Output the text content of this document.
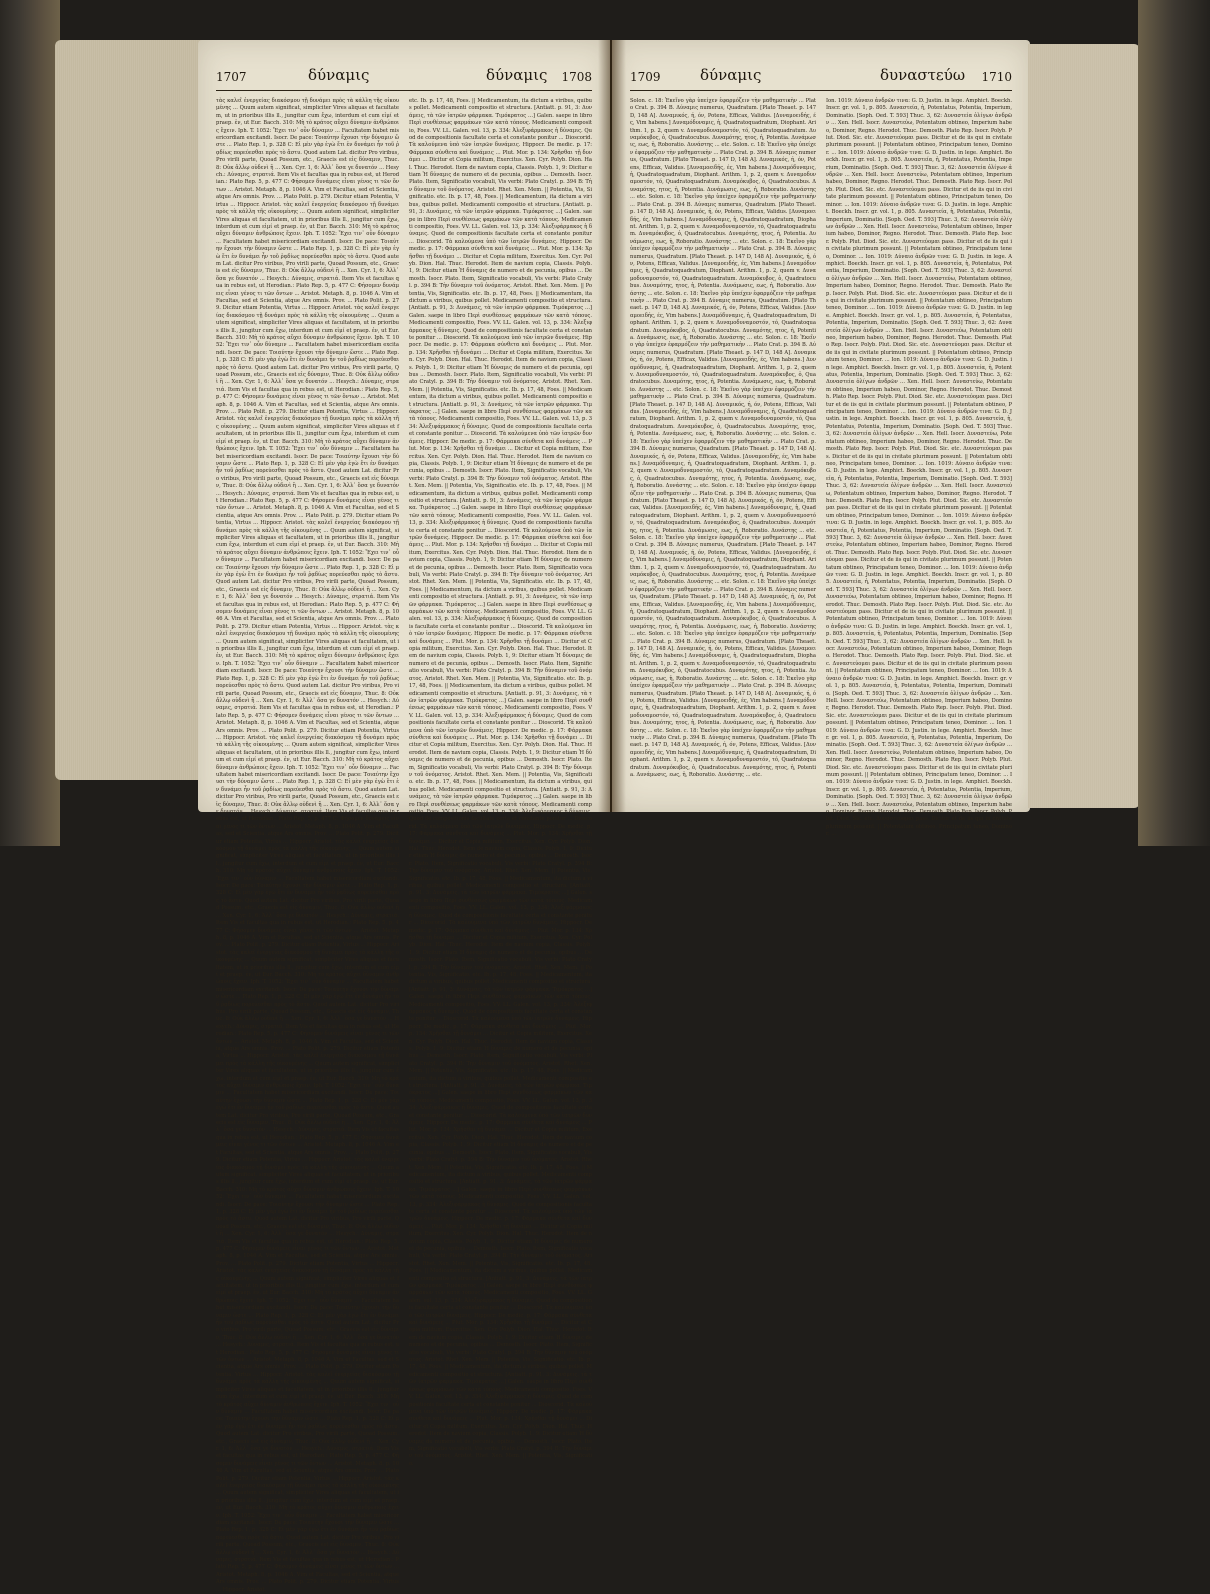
1707	δύναμις	δύναμις 1708
τὰς καλεῖ ἐνεργείας διακόσμου τῇ δυνάμει πρὸς τὰ κάλλη τῆς οἰκουμένης ... Quum autem significat, simpliciter Vires aliquas et facultatem, ut in prioribus illis ll., jungitur cum ἔχω, interdum et cum εἰμί et praep. ἐν, ut Eur. Bacch. 310: Μὴ τὸ κράτος αὔχει δύναμιν ἀνθρώποις ἔχειν. Iph. T. 1052: Ἔχει τιν᾽ οὖν δύναμιν ... Facultatem habet misericordiam excitandi. Isocr. De pace: Τοιαύτην ἔχουσι τὴν δύναμιν ὥστε ... Plato Rep. 1, p. 328 C: Εἰ μὲν γὰρ ἐγὼ ἔτι ἐν δυνάμει ἦν τοῦ ῥᾳδίως πορεύεσθαι πρὸς τὸ ἄστυ. Quod autem Lat. dicitur Pro viribus, Pro virili parte, Quoad Possum, etc., Graecis est εἰς δύναμιν, Thuc. 8: Οὐκ ἄλλῳ οὐδενὶ ἢ ... Xen. Cyr. 1, 6: Ἀλλ᾽ ὅσα γε δυνατόν ... Hesych.: Δύναμις, στρατιά. Item Vis et facultas qua in rebus est, ut Herodian.: Plato Rep. 5, p. 477 C: Φήσομεν δυνάμεις εἶναι γένος τι τῶν ὄντων ... Aristot. Metaph. 8, p. 1046 A. Vim et Facultas, sed et Scientia, atque Ars omnis. Prov. ... Plato Polit. p. 279. Dicitur etiam Potentia, Virtus ... Hippocr. Aristot. τὰς καλεῖ ἐνεργείας διακόσμου τῇ δυνάμει πρὸς τὰ κάλλη τῆς οἰκουμένης ... Quum autem significat, simpliciter Vires aliquas et facultatem, ut in prioribus illis ll., jungitur cum ἔχω, interdum et cum εἰμί et praep. ἐν, ut Eur. Bacch. 310: Μὴ τὸ κράτος αὔχει δύναμιν ἀνθρώποις ἔχειν. Iph. T. 1052: Ἔχει τιν᾽ οὖν δύναμιν ... Facultatem habet misericordiam excitandi. Isocr. De pace: Τοιαύτην ἔχουσι τὴν δύναμιν ὥστε ... Plato Rep. 1, p. 328 C: Εἰ μὲν γὰρ ἐγὼ ἔτι ἐν δυνάμει ἦν τοῦ ῥᾳδίως πορεύεσθαι πρὸς τὸ ἄστυ. Quod autem Lat. dicitur Pro viribus, Pro virili parte, Quoad Possum, etc., Graecis est εἰς δύναμιν, Thuc. 8: Οὐκ ἄλλῳ οὐδενὶ ἢ ... Xen. Cyr. 1, 6: Ἀλλ᾽ ὅσα γε δυνατόν ... Hesych.: Δύναμις, στρατιά. Item Vis et facultas qua in rebus est, ut Herodian.: Plato Rep. 5, p. 477 C: Φήσομεν δυνάμεις εἶναι γένος τι τῶν ὄντων ... Aristot. Metaph. 8, p. 1046 A. Vim et Facultas, sed et Scientia, atque Ars omnis. Prov. ... Plato Polit. p. 279. Dicitur etiam Potentia, Virtus ... Hippocr. Aristot. τὰς καλεῖ ἐνεργείας διακόσμου τῇ δυνάμει πρὸς τὰ κάλλη τῆς οἰκουμένης ... Quum autem significat, simpliciter Vires aliquas et facultatem, ut in prioribus illis ll., jungitur cum ἔχω, interdum et cum εἰμί et praep. ἐν, ut Eur. Bacch. 310: Μὴ τὸ κράτος αὔχει δύναμιν ἀνθρώποις ἔχειν. Iph. T. 1052: Ἔχει τιν᾽ οὖν δύναμιν ... Facultatem habet misericordiam excitandi. Isocr. De pace: Τοιαύτην ἔχουσι τὴν δύναμιν ὥστε ... Plato Rep. 1, p. 328 C: Εἰ μὲν γὰρ ἐγὼ ἔτι ἐν δυνάμει ἦν τοῦ ῥᾳδίως πορεύεσθαι πρὸς τὸ ἄστυ. Quod autem Lat. dicitur Pro viribus, Pro virili parte, Quoad Possum, etc., Graecis est εἰς δύναμιν, Thuc. 8: Οὐκ ἄλλῳ οὐδενὶ ἢ ... Xen. Cyr. 1, 6: Ἀλλ᾽ ὅσα γε δυνατόν ... Hesych.: Δύναμις, στρατιά. Item Vis et facultas qua in rebus est, ut Herodian.: Plato Rep. 5, p. 477 C: Φήσομεν δυνάμεις εἶναι γένος τι τῶν ὄντων ... Aristot. Metaph. 8, p. 1046 A. Vim et Facultas, sed et Scientia, atque Ars omnis. Prov. ... Plato Polit. p. 279. Dicitur etiam Potentia, Virtus ... Hippocr. Aristot. τὰς καλεῖ ἐνεργείας διακόσμου τῇ δυνάμει πρὸς τὰ κάλλη τῆς οἰκουμένης ... Quum autem significat, simpliciter Vires aliquas et facultatem, ut in prioribus illis ll., jungitur cum ἔχω, interdum et cum εἰμί et praep. ἐν, ut Eur. Bacch. 310: Μὴ τὸ κράτος αὔχει δύναμιν ἀνθρώποις ἔχειν. Iph. T. 1052: Ἔχει τιν᾽ οὖν δύναμιν ... Facultatem habet misericordiam excitandi. Isocr. De pace: Τοιαύτην ἔχουσι τὴν δύναμιν ὥστε ... Plato Rep. 1, p. 328 C: Εἰ μὲν γὰρ ἐγὼ ἔτι ἐν δυνάμει ἦν τοῦ ῥᾳδίως πορεύεσθαι πρὸς τὸ ἄστυ. Quod autem Lat. dicitur Pro viribus, Pro virili parte, Quoad Possum, etc., Graecis est εἰς δύναμιν, Thuc. 8: Οὐκ ἄλλῳ οὐδενὶ ἢ ... Xen. Cyr. 1, 6: Ἀλλ᾽ ὅσα γε δυνατόν ... Hesych.: Δύναμις, στρατιά. Item Vis et facultas qua in rebus est, ut Herodian.: Plato Rep. 5, p. 477 C: Φήσομεν δυνάμεις εἶναι γένος τι τῶν ὄντων ... Aristot. Metaph. 8, p. 1046 A. Vim et Facultas, sed et Scientia, atque Ars omnis. Prov. ... Plato Polit. p. 279. Dicitur etiam Potentia, Virtus ... Hippocr. Aristot. τὰς καλεῖ ἐνεργείας διακόσμου τῇ δυνάμει πρὸς τὰ κάλλη τῆς οἰκουμένης ... Quum autem significat, simpliciter Vires aliquas et facultatem, ut in prioribus illis ll., jungitur cum ἔχω, interdum et cum εἰμί et praep. ἐν, ut Eur. Bacch. 310: Μὴ τὸ κράτος αὔχει δύναμιν ἀνθρώποις ἔχειν. Iph. T. 1052: Ἔχει τιν᾽ οὖν δύναμιν ... Facultatem habet misericordiam excitandi. Isocr. De pace: Τοιαύτην ἔχουσι τὴν δύναμιν ὥστε ... Plato Rep. 1, p. 328 C: Εἰ μὲν γὰρ ἐγὼ ἔτι ἐν δυνάμει ἦν τοῦ ῥᾳδίως πορεύεσθαι πρὸς τὸ ἄστυ. Quod autem Lat. dicitur Pro viribus, Pro virili parte, Quoad Possum, etc., Graecis est εἰς δύναμιν, Thuc. 8: Οὐκ ἄλλῳ οὐδενὶ ἢ ... Xen. Cyr. 1, 6: Ἀλλ᾽ ὅσα γε δυνατόν ... Hesych.: Δύναμις, στρατιά. Item Vis et facultas qua in rebus est, ut Herodian.: Plato Rep. 5, p. 477 C: Φήσομεν δυνάμεις εἶναι γένος τι τῶν ὄντων ... Aristot. Metaph. 8, p. 1046 A. Vim et Facultas, sed et Scientia, atque Ars omnis. Prov. ... Plato Polit. p. 279. Dicitur etiam Potentia, Virtus ... Hippocr. Aristot. τὰς καλεῖ ἐνεργείας διακόσμου τῇ δυνάμει πρὸς τὰ κάλλη τῆς οἰκουμένης ... Quum autem significat, simpliciter Vires aliquas et facultatem, ut in prioribus illis ll., jungitur cum ἔχω, interdum et cum εἰμί et praep. ἐν, ut Eur. Bacch. 310: Μὴ τὸ κράτος αὔχει δύναμιν ἀνθρώποις ἔχειν. Iph. T. 1052: Ἔχει τιν᾽ οὖν δύναμιν ... Facultatem habet misericordiam excitandi. Isocr. De pace: Τοιαύτην ἔχουσι τὴν δύναμιν ὥστε ... Plato Rep. 1, p. 328 C: Εἰ μὲν γὰρ ἐγὼ ἔτι ἐν δυνάμει ἦν τοῦ ῥᾳδίως πορεύεσθαι πρὸς τὸ ἄστυ. Quod autem Lat. dicitur Pro viribus, Pro virili parte, Quoad Possum, etc., Graecis est εἰς δύναμιν, Thuc. 8: Οὐκ ἄλλῳ οὐδενὶ ἢ ... Xen. Cyr. 1, 6: Ἀλλ᾽ ὅσα γε δυνατόν ... Hesych.: Δύναμις, στρατιά. Item Vis et facultas qua in rebus est, ut Herodian.: Plato Rep. 5, p. 477 C: Φήσομεν δυνάμεις εἶναι γένος τι τῶν ὄντων ... Aristot. Metaph. 8, p. 1046 A. Vim et Facultas, sed et Scientia, atque Ars omnis. Prov. ... Plato Polit. p. 279. Dicitur etiam Potentia, Virtus ... Hippocr. Aristot. τὰς καλεῖ ἐνεργείας διακόσμου τῇ δυνάμει πρὸς τὰ κάλλη τῆς οἰκουμένης ... Quum autem significat, simpliciter Vires aliquas et facultatem, ut in prioribus illis ll., jungitur cum ἔχω, interdum et cum εἰμί et praep. ἐν, ut Eur. Bacch. 310: Μὴ τὸ κράτος αὔχει δύναμιν ἀνθρώποις ἔχειν. Iph. T. 1052: Ἔχει τιν᾽ οὖν δύναμιν ... Facultatem habet misericordiam excitandi. Isocr. De pace: Τοιαύτην ἔχουσι τὴν δύναμιν ὥστε ... Plato Rep. 1, p. 328 C: Εἰ μὲν γὰρ ἐγὼ ἔτι ἐν δυνάμει ἦν τοῦ ῥᾳδίως πορεύεσθαι πρὸς τὸ ἄστυ. Quod autem Lat. dicitur Pro viribus, Pro virili parte, Quoad Possum, etc., Graecis est εἰς δύναμιν, Thuc. 8: Οὐκ ἄλλῳ οὐδενὶ ἢ ... Xen. Cyr. 1, 6: Ἀλλ᾽ ὅσα γε δυνατόν ... Hesych.: Δύναμις, στρατιά. Item Vis et facultas qua in rebus est, ut Herodian.: Plato Rep. 5, p. 477 C: Φήσομεν δυνάμεις εἶναι γένος τι τῶν ὄντων ... Aristot. Metaph. 8, p. 1046 A. Vim et Facultas, sed et Scientia, atque Ars omnis. Prov. ... Plato Polit. p. 279. Dicitur etiam Potentia, Virtus ... Hippocr. Aristot. τὰς καλεῖ ἐνεργείας διακόσμου τῇ δυνάμει πρὸς τὰ κάλλη τῆς οἰκουμένης ... Quum autem significat, simpliciter Vires aliquas et facultatem, ut in prioribus illis ll., jungitur cum ἔχω, interdum et cum εἰμί et praep. ἐν, ut Eur. Bacch. 310: Μὴ τὸ κράτος αὔχει δύναμιν ἀνθρώποις ἔχειν. Iph. T. 1052: Ἔχει τιν᾽ οὖν δύναμιν ... Facultatem habet misericordiam excitandi. Isocr. De pace: Τοιαύτην ἔχουσι τὴν δύναμιν ὥστε ... Plato Rep. 1, p. 328 C: Εἰ μὲν γὰρ ἐγὼ ἔτι ἐν δυνάμει ἦν τοῦ ῥᾳδίως πορεύεσθαι πρὸς τὸ ἄστυ. Quod autem Lat. dicitur Pro viribus, Pro virili parte, Quoad Possum, etc., Graecis est εἰς δύναμιν, Thuc. 8: Οὐκ ἄλλῳ οὐδενὶ ἢ ... Xen. Cyr. 1, 6: Ἀλλ᾽ ὅσα γε δυνατόν ... Hesych.: Δύναμις, στρατιά. Item Vis et facultas qua in rebus est, ut Herodian.: Plato Rep. 5, p. 477 C: Φήσομεν δυνάμεις εἶναι γένος τι τῶν ὄντων ... Aristot. Metaph. 8, p. 1046 A. Vim et Facultas, sed et Scientia, atque Ars omnis. Prov. ... Plato Polit. p. 279. Dicitur etiam Potentia, Virtus ... Hippocr. Aristot. τὰς καλεῖ ἐνεργείας διακόσμου τῇ δυνάμει πρὸς τὰ κάλλη τῆς οἰκουμένης ... Quum autem significat, simpliciter Vires aliquas et facultatem, ut in prioribus illis ll., jungitur cum ἔχω, interdum et cum εἰμί et praep. ἐν, ut Eur. Bacch. 310: Μὴ τὸ κράτος αὔχει δύναμιν ἀνθρώποις ἔχειν. Iph. T. 1052: Ἔχει τιν᾽ οὖν δύναμιν ... Facultatem habet misericordiam excitandi. Isocr. De pace: Τοιαύτην ἔχουσι τὴν δύναμιν ὥστε ... Plato Rep. 1, p. 328 C: Εἰ μὲν γὰρ ἐγὼ ἔτι ἐν δυνάμει ἦν τοῦ ῥᾳδίως πορεύεσθαι πρὸς τὸ ἄστυ. Quod autem Lat. dicitur Pro viribus, Pro virili parte, Quoad Possum, etc., Graecis est εἰς δύναμιν, Thuc. 8: Οὐκ ἄλλῳ οὐδενὶ ἢ ... Xen. Cyr. 1, 6: Ἀλλ᾽ ὅσα γε δυνατόν ... Hesych.: Δύναμις, στρατιά. Item Vis et facultas qua in rebus est, ut Herodian.: Plato Rep. 5, p. 477 C: Φήσομεν δυνάμεις εἶναι γένος τι τῶν ὄντων ... Aristot. Metaph. 8, p. 1046 A. Vim et Facultas, sed et Scientia, atque Ars omnis. Prov. ... Plato Polit. p. 279. Dicitur etiam Potentia, Virtus ... Hippocr. Aristot. τὰς καλεῖ ἐνεργείας διακόσμου τῇ δυνάμει πρὸς τὰ κάλλη τῆς οἰκουμένης ... Quum autem significat, simpliciter Vires aliquas et facultatem, ut in prioribus illis ll., jungitur cum ἔχω, interdum et cum εἰμί et praep. ἐν, ut Eur. Bacch. 310: Μὴ τὸ κράτος αὔχει δύναμιν ἀνθρώποις ἔχειν. Iph. T. 1052: Ἔχει τιν᾽ οὖν δύναμιν ... Facultatem habet misericordiam excitandi. Isocr. De pace: Τοιαύτην ἔχουσι τὴν δύναμιν ὥστε ... Plato Rep. 1, p. 328 C: Εἰ μὲν γὰρ ἐγὼ ἔτι ἐν δυνάμει ἦν τοῦ ῥᾳδίως πορεύεσθαι πρὸς τὸ ἄστυ. Quod autem Lat. dicitur Pro viribus, Pro virili parte, Quoad Possum, etc., Graecis est εἰς δύναμιν, Thuc. 8: Οὐκ ἄλλῳ οὐδενὶ ἢ ... Xen. Cyr. 1, 6: Ἀλλ᾽ ὅσα γε δυνατόν ... Hesych.: Δύναμις, στρατιά. Item Vis et facultas qua in rebus est, ut Herodian.: Plato Rep. 5, p. 477 C: Φήσομεν δυνάμεις εἶναι γένος τι τῶν ὄντων ... Aristot. Metaph. 8, p. 1046 A. Vim et Facultas, sed et Scientia, atque Ars omnis. Prov. ... Plato Polit. p. 279. Dicitur etiam Potentia, Virtus ... Hippocr. Aristot. τὰς καλεῖ ἐνεργείας διακόσμου τῇ δυνάμει πρὸς τὰ κάλλη τῆς οἰκουμένης ... Quum autem significat, simpliciter Vires aliquas et facultatem, ut in prioribus illis ll., jungitur cum ἔχω, interdum et cum εἰμί et praep. ἐν, ut Eur. Bacch. 310: Μὴ τὸ κράτος αὔχει δύναμιν ἀνθρώποις ἔχειν. Iph. T. 1052: Ἔχει τιν᾽ οὖν δύναμιν ... Facultatem habet misericordiam excitandi. Isocr. De pace: Τοιαύτην ἔχουσι τὴν δύναμιν ὥστε ... Plato Rep. 1, p. 328 C: Εἰ μὲν γὰρ ἐγὼ ἔτι ἐν δυνάμει ἦν τοῦ ῥᾳδίως πορεύεσθαι πρὸς τὸ ἄστυ. Quod autem Lat. dicitur Pro viribus, Pro virili parte, Quoad Possum, etc., Graecis est εἰς δύναμιν, Thuc. 8: Οὐκ ἄλλῳ οὐδενὶ ἢ ... Xen. Cyr. 1, 6: Ἀλλ᾽ ὅσα γε δυνατόν ... Hesych.: Δύναμις, στρατιά. Item Vis et facultas qua in rebus est, ut Herodian.: Plato Rep. 5, p. 477 C: Φήσομεν δυνάμεις εἶναι γένος τι τῶν ὄντων ... Aristot. Metaph. 8, p. 1046 A. Vim et Facultas, sed et Scientia, atque Ars omnis. Prov. ... Plato Polit. p. 279. Dicitur etiam Potentia, Virtus ... Hippocr. Aristot. τὰς καλεῖ ἐνεργείας διακόσμου τῇ δυνάμει πρὸς τὰ κάλλη τῆς οἰκουμένης ... Quum autem significat, simpliciter Vires aliquas et facultatem, ut in prioribus illis ll., jungitur cum ἔχω, interdum et cum εἰμί et praep. ἐν, ut Eur. Bacch. 310: Μὴ τὸ κράτος αὔχει δύναμιν ἀνθρώποις ἔχειν. Iph. T. 1052: Ἔχει τιν᾽ οὖν δύναμιν ... Facultatem habet misericordiam excitandi. Isocr. De pace: Τοιαύτην ἔχουσι τὴν δύναμιν ὥστε ... Plato Rep. 1, p. 328 C: Εἰ μὲν γὰρ ἐγὼ ἔτι ἐν δυνάμει ἦν τοῦ ῥᾳδίως πορεύεσθαι πρὸς τὸ ἄστυ. Quod autem Lat. dicitur Pro viribus, Pro virili parte, Quoad Possum, etc., Graecis est εἰς δύναμιν, Thuc. 8: Οὐκ ἄλλῳ οὐδενὶ ἢ ... Xen. Cyr. 1, 6: Ἀλλ᾽ ὅσα γε δυνατόν ... Hesych.: Δύναμις, στρατιά. Item Vis et facultas qua in rebus est, ut Herodian.: Plato Rep. 5, p. 477 C: Φήσομεν δυνάμεις εἶναι γένος τι τῶν ὄντων ... Aristot. Metaph. 8, p. 1046 A. Vim et Facultas, sed et Scientia, atque Ars omnis. Prov. ... Plato Polit. p. 279. Dicitur etiam Potentia, Virtus ... Hippocr. Aristot. τὰς καλεῖ ἐνεργείας διακόσμου τῇ δυνάμει πρὸς τὰ κάλλη τῆς οἰκουμένης ... Quum autem significat, simpliciter Vires aliquas et facultatem, ut in prioribus illis ll., jungitur cum ἔχω, interdum et cum εἰμί et praep. ἐν, ut Eur. Bacch. 310: Μὴ τὸ κράτος αὔχει δύναμιν ἀνθρώποις ἔχειν. Iph. T. 1052: Ἔχει τιν᾽ οὖν δύναμιν ... Facultatem habet misericordiam excitandi. Isocr. De pace: Τοιαύτην ἔχουσι τὴν δύναμιν ὥστε ... Plato Rep. 1, p. 328 C: Εἰ μὲν γὰρ ἐγὼ ἔτι ἐν δυνάμει ἦν τοῦ ῥᾳδίως πορεύεσθαι πρὸς τὸ ἄστυ. Quod autem Lat. dicitur Pro viribus, Pro virili parte, Quoad Possum, etc., Graecis est εἰς δύναμιν, Thuc. 8: Οὐκ ἄλλῳ οὐδενὶ ἢ ... Xen. Cyr. 1, 6: Ἀλλ᾽ ὅσα γε δυνατόν ... Hesych.: Δύναμις, στρατιά. Item Vis et facultas qua in rebus est, ut Herodian.: Plato Rep. 5, p. 477 C: Φήσομεν δυνάμεις εἶναι γένος τι τῶν ὄντων ... Aristot. Metaph. 8, p. 1046 A. Vim et Facultas, sed et Scientia, atque Ars omnis. Prov. ... Plato Polit. p. 279. Dicitur etiam Potentia, Virtus ... Hippocr. Aristot. τὰς καλεῖ ἐνεργείας διακόσμου τῇ δυνάμει πρὸς τὰ κάλλη τῆς οἰκουμένης ... Quum autem significat, simpliciter Vires aliquas et facultatem, ut in prioribus illis ll., jungitur cum ἔχω, interdum et cum εἰμί et praep. ἐν, ut Eur. Bacch. 310: Μὴ τὸ κράτος αὔχει δύναμιν ἀνθρώποις ἔχειν. Iph. T. 1052: Ἔχει τιν᾽ οὖν δύναμιν ... Facultatem habet misericordiam excitandi. Isocr. De pace: Τοιαύτην ἔχουσι τὴν δύναμιν ὥστε ... Plato Rep. 1, p. 328 C: Εἰ μὲν γὰρ ἐγὼ ἔτι ἐν δυνάμει ἦν τοῦ ῥᾳδίως πορεύεσθαι πρὸς τὸ ἄστυ. Quod autem Lat. dicitur Pro viribus, Pro virili parte, Quoad Possum, etc., Graecis est εἰς δύναμιν, Thuc. 8: Οὐκ ἄλλῳ οὐδενὶ ἢ ... Xen. Cyr. 1, 6: Ἀλλ᾽ ὅσα γε δυνατόν ... Hesych.: Δύναμις, στρατιά. Item Vis et facultas qua in rebus est, ut Herodian.: Plato Rep. 5, p. 477 C: Φήσομεν δυνάμεις εἶναι γένος τι τῶν ὄντων ... Aristot. Metaph. 8, p. 1046 A. Vim et Facultas, sed et Scientia, atque Ars omnis. Prov. ... Plato Polit. p. 279. Dicitur etiam Potentia, Virtus ... Hippocr. Aristot.
etc. Ib. p. 17, 48, Foes. || Medicamentum, ita dictum a viribus, quibus pollet. Medicamenti compositio et structura. [Antiatt. p. 91, 3: Δυνάμεις, τὰ τῶν ἰατρῶν φάρμακα. Τιμόκρατος ...] Galen. saepe in libro Περὶ συνθέσεως φαρμάκων τῶν κατὰ τόπους. Medicamenti compositio, Foes. VV. LL. Galen. vol. 13, p. 334: Ἀλεξιφάρμακος ἡ δύναμις. Quod de compositionis facultate certa et constante ponitur ... Dioscorid. Τὰ καλούμενα ὑπὸ τῶν ἰατρῶν δυνάμεις. Hippocr. De medic. p. 17: Φάρμακα σύνθετα καὶ δυνάμεις ... Plut. Mor. p. 134: Χρῆσθαι τῇ δυνάμει ... Dicitur et Copia militum, Exercitus. Xen. Cyr. Polyb. Dion. Hal. Thuc. Herodot. Item de navium copia, Classis. Polyb. 1, 9: Dicitur etiam Ἡ δύναμις de numero et de pecunia, opibus ... Demosth. Isocr. Plato. Item, Significatio vocabuli, Vis verbi: Plato Cratyl. p. 394 B: Τὴν δύναμιν τοῦ ὀνόματος. Aristot. Rhet. Xen. Mem. || Potentia, Vis, Significatio. etc. Ib. p. 17, 48, Foes. || Medicamentum, ita dictum a viribus, quibus pollet. Medicamenti compositio et structura. [Antiatt. p. 91, 3: Δυνάμεις, τὰ τῶν ἰατρῶν φάρμακα. Τιμόκρατος ...] Galen. saepe in libro Περὶ συνθέσεως φαρμάκων τῶν κατὰ τόπους. Medicamenti compositio, Foes. VV. LL. Galen. vol. 13, p. 334: Ἀλεξιφάρμακος ἡ δύναμις. Quod de compositionis facultate certa et constante ponitur ... Dioscorid. Τὰ καλούμενα ὑπὸ τῶν ἰατρῶν δυνάμεις. Hippocr. De medic. p. 17: Φάρμακα σύνθετα καὶ δυνάμεις ... Plut. Mor. p. 134: Χρῆσθαι τῇ δυνάμει ... Dicitur et Copia militum, Exercitus. Xen. Cyr. Polyb. Dion. Hal. Thuc. Herodot. Item de navium copia, Classis. Polyb. 1, 9: Dicitur etiam Ἡ δύναμις de numero et de pecunia, opibus ... Demosth. Isocr. Plato. Item, Significatio vocabuli, Vis verbi: Plato Cratyl. p. 394 B: Τὴν δύναμιν τοῦ ὀνόματος. Aristot. Rhet. Xen. Mem. || Potentia, Vis, Significatio. etc. Ib. p. 17, 48, Foes. || Medicamentum, ita dictum a viribus, quibus pollet. Medicamenti compositio et structura. [Antiatt. p. 91, 3: Δυνάμεις, τὰ τῶν ἰατρῶν φάρμακα. Τιμόκρατος ...] Galen. saepe in libro Περὶ συνθέσεως φαρμάκων τῶν κατὰ τόπους. Medicamenti compositio, Foes. VV. LL. Galen. vol. 13, p. 334: Ἀλεξιφάρμακος ἡ δύναμις. Quod de compositionis facultate certa et constante ponitur ... Dioscorid. Τὰ καλούμενα ὑπὸ τῶν ἰατρῶν δυνάμεις. Hippocr. De medic. p. 17: Φάρμακα σύνθετα καὶ δυνάμεις ... Plut. Mor. p. 134: Χρῆσθαι τῇ δυνάμει ... Dicitur et Copia militum, Exercitus. Xen. Cyr. Polyb. Dion. Hal. Thuc. Herodot. Item de navium copia, Classis. Polyb. 1, 9: Dicitur etiam Ἡ δύναμις de numero et de pecunia, opibus ... Demosth. Isocr. Plato. Item, Significatio vocabuli, Vis verbi: Plato Cratyl. p. 394 B: Τὴν δύναμιν τοῦ ὀνόματος. Aristot. Rhet. Xen. Mem. || Potentia, Vis, Significatio. etc. Ib. p. 17, 48, Foes. || Medicamentum, ita dictum a viribus, quibus pollet. Medicamenti compositio et structura. [Antiatt. p. 91, 3: Δυνάμεις, τὰ τῶν ἰατρῶν φάρμακα. Τιμόκρατος ...] Galen. saepe in libro Περὶ συνθέσεως φαρμάκων τῶν κατὰ τόπους. Medicamenti compositio, Foes. VV. LL. Galen. vol. 13, p. 334: Ἀλεξιφάρμακος ἡ δύναμις. Quod de compositionis facultate certa et constante ponitur ... Dioscorid. Τὰ καλούμενα ὑπὸ τῶν ἰατρῶν δυνάμεις. Hippocr. De medic. p. 17: Φάρμακα σύνθετα καὶ δυνάμεις ... Plut. Mor. p. 134: Χρῆσθαι τῇ δυνάμει ... Dicitur et Copia militum, Exercitus. Xen. Cyr. Polyb. Dion. Hal. Thuc. Herodot. Item de navium copia, Classis. Polyb. 1, 9: Dicitur etiam Ἡ δύναμις de numero et de pecunia, opibus ... Demosth. Isocr. Plato. Item, Significatio vocabuli, Vis verbi: Plato Cratyl. p. 394 B: Τὴν δύναμιν τοῦ ὀνόματος. Aristot. Rhet. Xen. Mem. || Potentia, Vis, Significatio. etc. Ib. p. 17, 48, Foes. || Medicamentum, ita dictum a viribus, quibus pollet. Medicamenti compositio et structura. [Antiatt. p. 91, 3: Δυνάμεις, τὰ τῶν ἰατρῶν φάρμακα. Τιμόκρατος ...] Galen. saepe in libro Περὶ συνθέσεως φαρμάκων τῶν κατὰ τόπους. Medicamenti compositio, Foes. VV. LL. Galen. vol. 13, p. 334: Ἀλεξιφάρμακος ἡ δύναμις. Quod de compositionis facultate certa et constante ponitur ... Dioscorid. Τὰ καλούμενα ὑπὸ τῶν ἰατρῶν δυνάμεις. Hippocr. De medic. p. 17: Φάρμακα σύνθετα καὶ δυνάμεις ... Plut. Mor. p. 134: Χρῆσθαι τῇ δυνάμει ... Dicitur et Copia militum, Exercitus. Xen. Cyr. Polyb. Dion. Hal. Thuc. Herodot. Item de navium copia, Classis. Polyb. 1, 9: Dicitur etiam Ἡ δύναμις de numero et de pecunia, opibus ... Demosth. Isocr. Plato. Item, Significatio vocabuli, Vis verbi: Plato Cratyl. p. 394 B: Τὴν δύναμιν τοῦ ὀνόματος. Aristot. Rhet. Xen. Mem. || Potentia, Vis, Significatio. etc. Ib. p. 17, 48, Foes. || Medicamentum, ita dictum a viribus, quibus pollet. Medicamenti compositio et structura. [Antiatt. p. 91, 3: Δυνάμεις, τὰ τῶν ἰατρῶν φάρμακα. Τιμόκρατος ...] Galen. saepe in libro Περὶ συνθέσεως φαρμάκων τῶν κατὰ τόπους. Medicamenti compositio, Foes. VV. LL. Galen. vol. 13, p. 334: Ἀλεξιφάρμακος ἡ δύναμις. Quod de compositionis facultate certa et constante ponitur ... Dioscorid. Τὰ καλούμενα ὑπὸ τῶν ἰατρῶν δυνάμεις. Hippocr. De medic. p. 17: Φάρμακα σύνθετα καὶ δυνάμεις ... Plut. Mor. p. 134: Χρῆσθαι τῇ δυνάμει ... Dicitur et Copia militum, Exercitus. Xen. Cyr. Polyb. Dion. Hal. Thuc. Herodot. Item de navium copia, Classis. Polyb. 1, 9: Dicitur etiam Ἡ δύναμις de numero et de pecunia, opibus ... Demosth. Isocr. Plato. Item, Significatio vocabuli, Vis verbi: Plato Cratyl. p. 394 B: Τὴν δύναμιν τοῦ ὀνόματος. Aristot. Rhet. Xen. Mem. || Potentia, Vis, Significatio. etc. Ib. p. 17, 48, Foes. || Medicamentum, ita dictum a viribus, quibus pollet. Medicamenti compositio et structura. [Antiatt. p. 91, 3: Δυνάμεις, τὰ τῶν ἰατρῶν φάρμακα. Τιμόκρατος ...] Galen. saepe in libro Περὶ συνθέσεως φαρμάκων τῶν κατὰ τόπους. Medicamenti compositio, Foes. VV. LL. Galen. vol. 13, p. 334: Ἀλεξιφάρμακος ἡ δύναμις. Quod de compositionis facultate certa et constante ponitur ... Dioscorid. Τὰ καλούμενα ὑπὸ τῶν ἰατρῶν δυνάμεις. Hippocr. De medic. p. 17: Φάρμακα σύνθετα καὶ δυνάμεις ... Plut. Mor. p. 134: Χρῆσθαι τῇ δυνάμει ... Dicitur et Copia militum, Exercitus. Xen. Cyr. Polyb. Dion. Hal. Thuc. Herodot. Item de navium copia, Classis. Polyb. 1, 9: Dicitur etiam Ἡ δύναμις de numero et de pecunia, opibus ... Demosth. Isocr. Plato. Item, Significatio vocabuli, Vis verbi: Plato Cratyl. p. 394 B: Τὴν δύναμιν τοῦ ὀνόματος. Aristot. Rhet. Xen. Mem. || Potentia, Vis, Significatio. etc. Ib. p. 17, 48, Foes. || Medicamentum, ita dictum a viribus, quibus pollet. Medicamenti compositio et structura. [Antiatt. p. 91, 3: Δυνάμεις, τὰ τῶν ἰατρῶν φάρμακα. Τιμόκρατος ...] Galen. saepe in libro Περὶ συνθέσεως φαρμάκων τῶν κατὰ τόπους. Medicamenti compositio, Foes. VV. LL. Galen. vol. 13, p. 334: Ἀλεξιφάρμακος ἡ δύναμις. Quod de compositionis facultate certa et constante ponitur ... Dioscorid. Τὰ καλούμενα ὑπὸ τῶν ἰατρῶν δυνάμεις. Hippocr. De medic. p. 17: Φάρμακα σύνθετα καὶ δυνάμεις ... Plut. Mor. p. 134: Χρῆσθαι τῇ δυνάμει ... Dicitur et Copia militum, Exercitus. Xen. Cyr. Polyb. Dion. Hal. Thuc. Herodot. Item de navium copia, Classis. Polyb. 1, 9: Dicitur etiam Ἡ δύναμις de numero et de pecunia, opibus ... Demosth. Isocr. Plato. Item, Significatio vocabuli, Vis verbi: Plato Cratyl. p. 394 B: Τὴν δύναμιν τοῦ ὀνόματος. Aristot. Rhet. Xen. Mem. || Potentia, Vis, Significatio. etc. Ib. p. 17, 48, Foes. || Medicamentum, ita dictum a viribus, quibus pollet. Medicamenti compositio et structura. [Antiatt. p. 91, 3: Δυνάμεις, τὰ τῶν ἰατρῶν φάρμακα. Τιμόκρατος ...] Galen. saepe in libro Περὶ συνθέσεως φαρμάκων τῶν κατὰ τόπους. Medicamenti compositio, Foes. VV. LL. Galen. vol. 13, p. 334: Ἀλεξιφάρμακος ἡ δύναμις. Quod de compositionis facultate certa et constante ponitur ... Dioscorid. Τὰ καλούμενα ὑπὸ τῶν ἰατρῶν δυνάμεις. Hippocr. De medic. p. 17: Φάρμακα σύνθετα καὶ δυνάμεις ... Plut. Mor. p. 134: Χρῆσθαι τῇ δυνάμει ... Dicitur et Copia militum, Exercitus. Xen. Cyr. Polyb. Dion. Hal. Thuc. Herodot. Item de navium copia, Classis. Polyb. 1, 9: Dicitur etiam Ἡ δύναμις de numero et de pecunia, opibus ... Demosth. Isocr. Plato. Item, Significatio vocabuli, Vis verbi: Plato Cratyl. p. 394 B: Τὴν δύναμιν τοῦ ὀνόματος. Aristot. Rhet. Xen. Mem. || Potentia, Vis, Significatio. etc. Ib. p. 17, 48, Foes. || Medicamentum, ita dictum a viribus, quibus pollet. Medicamenti compositio et structura. [Antiatt. p. 91, 3: Δυνάμεις, τὰ τῶν ἰατρῶν φάρμακα. Τιμόκρατος ...] Galen. saepe in libro Περὶ συνθέσεως φαρμάκων τῶν κατὰ τόπους. Medicamenti compositio, Foes. VV. LL. Galen. vol. 13, p. 334: Ἀλεξιφάρμακος ἡ δύναμις. Quod de compositionis facultate certa et constante ponitur ... Dioscorid. Τὰ καλούμενα ὑπὸ τῶν ἰατρῶν δυνάμεις. Hippocr. De medic. p. 17: Φάρμακα σύνθετα καὶ δυνάμεις ... Plut. Mor. p. 134: Χρῆσθαι τῇ δυνάμει ... Dicitur et Copia militum, Exercitus. Xen. Cyr. Polyb. Dion. Hal. Thuc. Herodot. Item de navium copia, Classis. Polyb. 1, 9: Dicitur etiam Ἡ δύναμις de numero et de pecunia, opibus ... Demosth. Isocr. Plato. Item, Significatio vocabuli, Vis verbi: Plato Cratyl. p. 394 B: Τὴν δύναμιν τοῦ ὀνόματος. Aristot. Rhet. Xen. Mem. || Potentia, Vis, Significatio. etc. Ib. p. 17, 48, Foes. || Medicamentum, ita dictum a viribus, quibus pollet. Medicamenti compositio et structura. [Antiatt. p. 91, 3: Δυνάμεις, τὰ τῶν ἰατρῶν φάρμακα. Τιμόκρατος ...] Galen. saepe in libro Περὶ συνθέσεως φαρμάκων τῶν κατὰ τόπους. Medicamenti compositio, Foes. VV. LL. Galen. vol. 13, p. 334: Ἀλεξιφάρμακος ἡ δύναμις. Quod de compositionis facultate certa et constante ponitur ... Dioscorid. Τὰ καλούμενα ὑπὸ τῶν ἰατρῶν δυνάμεις. Hippocr. De medic. p. 17: Φάρμακα σύνθετα καὶ δυνάμεις ... Plut. Mor. p. 134: Χρῆσθαι τῇ δυνάμει ... Dicitur et Copia militum, Exercitus. Xen. Cyr. Polyb. Dion. Hal. Thuc. Herodot. Item de navium copia, Classis. Polyb. 1, 9: Dicitur etiam Ἡ δύναμις de numero et de pecunia, opibus ... Demosth. Isocr. Plato. Item, Significatio vocabuli, Vis verbi: Plato Cratyl. p. 394 B: Τὴν δύναμιν τοῦ ὀνόματος. Aristot. Rhet. Xen. Mem. || Potentia, Vis, Significatio. etc. Ib. p. 17, 48, Foes. || Medicamentum, ita dictum a viribus, quibus pollet. Medicamenti compositio et structura. [Antiatt. p. 91, 3: Δυνάμεις, τὰ τῶν ἰατρῶν φάρμακα. Τιμόκρατος ...] Galen. saepe in libro Περὶ συνθέσεως φαρμάκων τῶν κατὰ τόπους. Medicamenti compositio, Foes. VV. LL. Galen. vol. 13, p. 334: Ἀλεξιφάρμακος ἡ δύναμις. Quod de compositionis facultate certa et constante ponitur ... Dioscorid. Τὰ καλούμενα ὑπὸ τῶν ἰατρῶν δυνάμεις. Hippocr. De medic. p. 17: Φάρμακα σύνθετα καὶ δυνάμεις ... Plut. Mor. p. 134: Χρῆσθαι τῇ δυνάμει ... Dicitur et Copia militum, Exercitus. Xen. Cyr. Polyb. Dion. Hal. Thuc. Herodot. Item de navium copia, Classis. Polyb. 1, 9: Dicitur etiam Ἡ δύναμις de numero et de pecunia, opibus ... Demosth. Isocr. Plato. Item, Significatio vocabuli, Vis verbi: Plato Cratyl. p. 394 B: Τὴν δύναμιν τοῦ ὀνόματος. Aristot. Rhet. Xen. Mem. || Potentia, Vis, Significatio. etc. Ib. p. 17, 48, Foes. || Medicamentum, ita dictum a viribus, quibus pollet. Medicamenti compositio et structura. [Antiatt. p. 91, 3: Δυνάμεις, τὰ τῶν ἰατρῶν φάρμακα. Τιμόκρατος ...] Galen. saepe in libro Περὶ συνθέσεως φαρμάκων τῶν κατὰ τόπους. Medicamenti compositio, Foes. VV. LL. Galen. vol. 13, p. 334: Ἀλεξιφάρμακος ἡ δύναμις. Quod de compositionis facultate certa et constante ponitur ... Dioscorid. Τὰ καλούμενα ὑπὸ τῶν ἰατρῶν δυνάμεις. Hippocr. De medic. p. 17: Φάρμακα σύνθετα καὶ δυνάμεις ... Plut. Mor. p. 134: Χρῆσθαι τῇ δυνάμει ... Dicitur et Copia militum, Exercitus. Xen. Cyr. Polyb. Dion. Hal. Thuc. Herodot. Item de navium copia, Classis. Polyb. 1, 9: Dicitur etiam Ἡ δύναμις de numero et de pecunia, opibus ... Demosth. Isocr. Plato. Item, Significatio vocabuli, Vis verbi: Plato Cratyl. p. 394 B: Τὴν δύναμιν τοῦ ὀνόματος. Aristot. Rhet. Xen. Mem. || Potentia, Vis, Significatio. etc. Ib. p. 17, 48, Foes. || Medicamentum, ita dictum a viribus, quibus pollet. Medicamenti compositio et structura. [Antiatt. p. 91, 3: Δυνάμεις, τὰ τῶν ἰατρῶν φάρμακα. Τιμόκρατος ...] Galen. saepe in libro Περὶ συνθέσεως φαρμάκων τῶν κατὰ τόπους. Medicamenti compositio, Foes. VV. LL. Galen. vol. 13, p. 334: Ἀλεξιφάρμακος ἡ δύναμις. Quod de compositionis facultate certa et constante ponitur ... Dioscorid. Τὰ καλούμενα ὑπὸ τῶν ἰατρῶν δυνάμεις. Hippocr. De medic. p. 17: Φάρμακα σύνθετα καὶ δυνάμεις ... Plut. Mor. p. 134: Χρῆσθαι τῇ δυνάμει ... Dicitur et Copia militum, Exercitus. Xen. Cyr. Polyb. Dion. Hal. Thuc. Herodot. Item de navium copia, Classis. Polyb. 1, 9: Dicitur etiam Ἡ δύναμις de numero et de pecunia, opibus ... Demosth. Isocr. Plato. Item, Significatio vocabuli, Vis verbi: Plato Cratyl. p. 394 B: Τὴν δύναμιν τοῦ ὀνόματος. Aristot. Rhet. Xen. Mem. || Potentia, Vis, Significatio.
1709	δύναμις	δυναστεύω 1710
Solon. c. 18: Ἐκεῖνο γὰρ ὑπείχεν ἐφαρμόζειν τὴν μαθηματικὴν ... Plato Crat. p. 394 B. Δύναμις numerus, Quadratum. [Plato Theaet. p. 147 D, 148 A]. Δυναμικός, ή, όν, Potens, Efficax, Validus. [Δυναμοειδής, ές, Vim habens.] Δυναμόδυναμις, ἡ, Quadratoquadratum, Diophant. Arithm. 1, p. 2, quem v. Δυναμοδυναμοστόν, τό, Quadratoquadratum. Δυναμόκυβος, ὁ, Quadratocubus. Δυναμότης, ητος, ἡ, Potentia. Δυνάμωσις, εως, ἡ, Roboratio. Δυνάστης ... etc. Solon. c. 18: Ἐκεῖνο γὰρ ὑπείχεν ἐφαρμόζειν τὴν μαθηματικὴν ... Plato Crat. p. 394 B. Δύναμις numerus, Quadratum. [Plato Theaet. p. 147 D, 148 A]. Δυναμικός, ή, όν, Potens, Efficax, Validus. [Δυναμοειδής, ές, Vim habens.] Δυναμόδυναμις, ἡ, Quadratoquadratum, Diophant. Arithm. 1, p. 2, quem v. Δυναμοδυναμοστόν, τό, Quadratoquadratum. Δυναμόκυβος, ὁ, Quadratocubus. Δυναμότης, ητος, ἡ, Potentia. Δυνάμωσις, εως, ἡ, Roboratio. Δυνάστης ... etc. Solon. c. 18: Ἐκεῖνο γὰρ ὑπείχεν ἐφαρμόζειν τὴν μαθηματικὴν ... Plato Crat. p. 394 B. Δύναμις numerus, Quadratum. [Plato Theaet. p. 147 D, 148 A]. Δυναμικός, ή, όν, Potens, Efficax, Validus. [Δυναμοειδής, ές, Vim habens.] Δυναμόδυναμις, ἡ, Quadratoquadratum, Diophant. Arithm. 1, p. 2, quem v. Δυναμοδυναμοστόν, τό, Quadratoquadratum. Δυναμόκυβος, ὁ, Quadratocubus. Δυναμότης, ητος, ἡ, Potentia. Δυνάμωσις, εως, ἡ, Roboratio. Δυνάστης ... etc. Solon. c. 18: Ἐκεῖνο γὰρ ὑπείχεν ἐφαρμόζειν τὴν μαθηματικὴν ... Plato Crat. p. 394 B. Δύναμις numerus, Quadratum. [Plato Theaet. p. 147 D, 148 A]. Δυναμικός, ή, όν, Potens, Efficax, Validus. [Δυναμοειδής, ές, Vim habens.] Δυναμόδυναμις, ἡ, Quadratoquadratum, Diophant. Arithm. 1, p. 2, quem v. Δυναμοδυναμοστόν, τό, Quadratoquadratum. Δυναμόκυβος, ὁ, Quadratocubus. Δυναμότης, ητος, ἡ, Potentia. Δυνάμωσις, εως, ἡ, Roboratio. Δυνάστης ... etc. Solon. c. 18: Ἐκεῖνο γὰρ ὑπείχεν ἐφαρμόζειν τὴν μαθηματικὴν ... Plato Crat. p. 394 B. Δύναμις numerus, Quadratum. [Plato Theaet. p. 147 D, 148 A]. Δυναμικός, ή, όν, Potens, Efficax, Validus. [Δυναμοειδής, ές, Vim habens.] Δυναμόδυναμις, ἡ, Quadratoquadratum, Diophant. Arithm. 1, p. 2, quem v. Δυναμοδυναμοστόν, τό, Quadratoquadratum. Δυναμόκυβος, ὁ, Quadratocubus. Δυναμότης, ητος, ἡ, Potentia. Δυνάμωσις, εως, ἡ, Roboratio. Δυνάστης ... etc. Solon. c. 18: Ἐκεῖνο γὰρ ὑπείχεν ἐφαρμόζειν τὴν μαθηματικὴν ... Plato Crat. p. 394 B. Δύναμις numerus, Quadratum. [Plato Theaet. p. 147 D, 148 A]. Δυναμικός, ή, όν, Potens, Efficax, Validus. [Δυναμοειδής, ές, Vim habens.] Δυναμόδυναμις, ἡ, Quadratoquadratum, Diophant. Arithm. 1, p. 2, quem v. Δυναμοδυναμοστόν, τό, Quadratoquadratum. Δυναμόκυβος, ὁ, Quadratocubus. Δυναμότης, ητος, ἡ, Potentia. Δυνάμωσις, εως, ἡ, Roboratio. Δυνάστης ... etc. Solon. c. 18: Ἐκεῖνο γὰρ ὑπείχεν ἐφαρμόζειν τὴν μαθηματικὴν ... Plato Crat. p. 394 B. Δύναμις numerus, Quadratum. [Plato Theaet. p. 147 D, 148 A]. Δυναμικός, ή, όν, Potens, Efficax, Validus. [Δυναμοειδής, ές, Vim habens.] Δυναμόδυναμις, ἡ, Quadratoquadratum, Diophant. Arithm. 1, p. 2, quem v. Δυναμοδυναμοστόν, τό, Quadratoquadratum. Δυναμόκυβος, ὁ, Quadratocubus. Δυναμότης, ητος, ἡ, Potentia. Δυνάμωσις, εως, ἡ, Roboratio. Δυνάστης ... etc. Solon. c. 18: Ἐκεῖνο γὰρ ὑπείχεν ἐφαρμόζειν τὴν μαθηματικὴν ... Plato Crat. p. 394 B. Δύναμις numerus, Quadratum. [Plato Theaet. p. 147 D, 148 A]. Δυναμικός, ή, όν, Potens, Efficax, Validus. [Δυναμοειδής, ές, Vim habens.] Δυναμόδυναμις, ἡ, Quadratoquadratum, Diophant. Arithm. 1, p. 2, quem v. Δυναμοδυναμοστόν, τό, Quadratoquadratum. Δυναμόκυβος, ὁ, Quadratocubus. Δυναμότης, ητος, ἡ, Potentia. Δυνάμωσις, εως, ἡ, Roboratio. Δυνάστης ... etc. Solon. c. 18: Ἐκεῖνο γὰρ ὑπείχεν ἐφαρμόζειν τὴν μαθηματικὴν ... Plato Crat. p. 394 B. Δύναμις numerus, Quadratum. [Plato Theaet. p. 147 D, 148 A]. Δυναμικός, ή, όν, Potens, Efficax, Validus. [Δυναμοειδής, ές, Vim habens.] Δυναμόδυναμις, ἡ, Quadratoquadratum, Diophant. Arithm. 1, p. 2, quem v. Δυναμοδυναμοστόν, τό, Quadratoquadratum. Δυναμόκυβος, ὁ, Quadratocubus. Δυναμότης, ητος, ἡ, Potentia. Δυνάμωσις, εως, ἡ, Roboratio. Δυνάστης ... etc. Solon. c. 18: Ἐκεῖνο γὰρ ὑπείχεν ἐφαρμόζειν τὴν μαθηματικὴν ... Plato Crat. p. 394 B. Δύναμις numerus, Quadratum. [Plato Theaet. p. 147 D, 148 A]. Δυναμικός, ή, όν, Potens, Efficax, Validus. [Δυναμοειδής, ές, Vim habens.] Δυναμόδυναμις, ἡ, Quadratoquadratum, Diophant. Arithm. 1, p. 2, quem v. Δυναμοδυναμοστόν, τό, Quadratoquadratum. Δυναμόκυβος, ὁ, Quadratocubus. Δυναμότης, ητος, ἡ, Potentia. Δυνάμωσις, εως, ἡ, Roboratio. Δυνάστης ... etc. Solon. c. 18: Ἐκεῖνο γὰρ ὑπείχεν ἐφαρμόζειν τὴν μαθηματικὴν ... Plato Crat. p. 394 B. Δύναμις numerus, Quadratum. [Plato Theaet. p. 147 D, 148 A]. Δυναμικός, ή, όν, Potens, Efficax, Validus. [Δυναμοειδής, ές, Vim habens.] Δυναμόδυναμις, ἡ, Quadratoquadratum, Diophant. Arithm. 1, p. 2, quem v. Δυναμοδυναμοστόν, τό, Quadratoquadratum. Δυναμόκυβος, ὁ, Quadratocubus. Δυναμότης, ητος, ἡ, Potentia. Δυνάμωσις, εως, ἡ, Roboratio. Δυνάστης ... etc. Solon. c. 18: Ἐκεῖνο γὰρ ὑπείχεν ἐφαρμόζειν τὴν μαθηματικὴν ... Plato Crat. p. 394 B. Δύναμις numerus, Quadratum. [Plato Theaet. p. 147 D, 148 A]. Δυναμικός, ή, όν, Potens, Efficax, Validus. [Δυναμοειδής, ές, Vim habens.] Δυναμόδυναμις, ἡ, Quadratoquadratum, Diophant. Arithm. 1, p. 2, quem v. Δυναμοδυναμοστόν, τό, Quadratoquadratum. Δυναμόκυβος, ὁ, Quadratocubus. Δυναμότης, ητος, ἡ, Potentia. Δυνάμωσις, εως, ἡ, Roboratio. Δυνάστης ... etc. Solon. c. 18: Ἐκεῖνο γὰρ ὑπείχεν ἐφαρμόζειν τὴν μαθηματικὴν ... Plato Crat. p. 394 B. Δύναμις numerus, Quadratum. [Plato Theaet. p. 147 D, 148 A]. Δυναμικός, ή, όν, Potens, Efficax, Validus. [Δυναμοειδής, ές, Vim habens.] Δυναμόδυναμις, ἡ, Quadratoquadratum, Diophant. Arithm. 1, p. 2, quem v. Δυναμοδυναμοστόν, τό, Quadratoquadratum. Δυναμόκυβος, ὁ, Quadratocubus. Δυναμότης, ητος, ἡ, Potentia. Δυνάμωσις, εως, ἡ, Roboratio. Δυνάστης ... etc. Solon. c. 18: Ἐκεῖνο γὰρ ὑπείχεν ἐφαρμόζειν τὴν μαθηματικὴν ... Plato Crat. p. 394 B. Δύναμις numerus, Quadratum. [Plato Theaet. p. 147 D, 148 A]. Δυναμικός, ή, όν, Potens, Efficax, Validus. [Δυναμοειδής, ές, Vim habens.] Δυναμόδυναμις, ἡ, Quadratoquadratum, Diophant. Arithm. 1, p. 2, quem v. Δυναμοδυναμοστόν, τό, Quadratoquadratum. Δυναμόκυβος, ὁ, Quadratocubus. Δυναμότης, ητος, ἡ, Potentia. Δυνάμωσις, εως, ἡ, Roboratio. Δυνάστης ... etc.
Ion. 1019: Δύναιο ἀνδρῶν τινα: G. D. Justin. in lege. Amphict. Boeckh. Inscr. gr. vol. 1, p. 805. Δυναστεία, ἡ, Potentatus, Potentia, Imperium, Dominatio. [Soph. Oed. T. 593] Thuc. 3, 62: Δυναστεία ὀλίγων ἀνδρῶν ... Xen. Hell. Isocr. Δυναστεύω, Potentatum obtineo, Imperium habeo, Dominor, Regno. Herodot. Thuc. Demosth. Plato Rep. Isocr. Polyb. Plut. Diod. Sic. etc. Δυναστεύομαι pass. Dicitur et de iis qui in civitate plurimum possunt. || Potentatum obtineo, Principatum teneo, Dominor. ... Ion. 1019: Δύναιο ἀνδρῶν τινα: G. D. Justin. in lege. Amphict. Boeckh. Inscr. gr. vol. 1, p. 805. Δυναστεία, ἡ, Potentatus, Potentia, Imperium, Dominatio. [Soph. Oed. T. 593] Thuc. 3, 62: Δυναστεία ὀλίγων ἀνδρῶν ... Xen. Hell. Isocr. Δυναστεύω, Potentatum obtineo, Imperium habeo, Dominor, Regno. Herodot. Thuc. Demosth. Plato Rep. Isocr. Polyb. Plut. Diod. Sic. etc. Δυναστεύομαι pass. Dicitur et de iis qui in civitate plurimum possunt. || Potentatum obtineo, Principatum teneo, Dominor. ... Ion. 1019: Δύναιο ἀνδρῶν τινα: G. D. Justin. in lege. Amphict. Boeckh. Inscr. gr. vol. 1, p. 805. Δυναστεία, ἡ, Potentatus, Potentia, Imperium, Dominatio. [Soph. Oed. T. 593] Thuc. 3, 62: Δυναστεία ὀλίγων ἀνδρῶν ... Xen. Hell. Isocr. Δυναστεύω, Potentatum obtineo, Imperium habeo, Dominor, Regno. Herodot. Thuc. Demosth. Plato Rep. Isocr. Polyb. Plut. Diod. Sic. etc. Δυναστεύομαι pass. Dicitur et de iis qui in civitate plurimum possunt. || Potentatum obtineo, Principatum teneo, Dominor. ... Ion. 1019: Δύναιο ἀνδρῶν τινα: G. D. Justin. in lege. Amphict. Boeckh. Inscr. gr. vol. 1, p. 805. Δυναστεία, ἡ, Potentatus, Potentia, Imperium, Dominatio. [Soph. Oed. T. 593] Thuc. 3, 62: Δυναστεία ὀλίγων ἀνδρῶν ... Xen. Hell. Isocr. Δυναστεύω, Potentatum obtineo, Imperium habeo, Dominor, Regno. Herodot. Thuc. Demosth. Plato Rep. Isocr. Polyb. Plut. Diod. Sic. etc. Δυναστεύομαι pass. Dicitur et de iis qui in civitate plurimum possunt. || Potentatum obtineo, Principatum teneo, Dominor. ... Ion. 1019: Δύναιο ἀνδρῶν τινα: G. D. Justin. in lege. Amphict. Boeckh. Inscr. gr. vol. 1, p. 805. Δυναστεία, ἡ, Potentatus, Potentia, Imperium, Dominatio. [Soph. Oed. T. 593] Thuc. 3, 62: Δυναστεία ὀλίγων ἀνδρῶν ... Xen. Hell. Isocr. Δυναστεύω, Potentatum obtineo, Imperium habeo, Dominor, Regno. Herodot. Thuc. Demosth. Plato Rep. Isocr. Polyb. Plut. Diod. Sic. etc. Δυναστεύομαι pass. Dicitur et de iis qui in civitate plurimum possunt. || Potentatum obtineo, Principatum teneo, Dominor. ... Ion. 1019: Δύναιο ἀνδρῶν τινα: G. D. Justin. in lege. Amphict. Boeckh. Inscr. gr. vol. 1, p. 805. Δυναστεία, ἡ, Potentatus, Potentia, Imperium, Dominatio. [Soph. Oed. T. 593] Thuc. 3, 62: Δυναστεία ὀλίγων ἀνδρῶν ... Xen. Hell. Isocr. Δυναστεύω, Potentatum obtineo, Imperium habeo, Dominor, Regno. Herodot. Thuc. Demosth. Plato Rep. Isocr. Polyb. Plut. Diod. Sic. etc. Δυναστεύομαι pass. Dicitur et de iis qui in civitate plurimum possunt. || Potentatum obtineo, Principatum teneo, Dominor. ... Ion. 1019: Δύναιο ἀνδρῶν τινα: G. D. Justin. in lege. Amphict. Boeckh. Inscr. gr. vol. 1, p. 805. Δυναστεία, ἡ, Potentatus, Potentia, Imperium, Dominatio. [Soph. Oed. T. 593] Thuc. 3, 62: Δυναστεία ὀλίγων ἀνδρῶν ... Xen. Hell. Isocr. Δυναστεύω, Potentatum obtineo, Imperium habeo, Dominor, Regno. Herodot. Thuc. Demosth. Plato Rep. Isocr. Polyb. Plut. Diod. Sic. etc. Δυναστεύομαι pass. Dicitur et de iis qui in civitate plurimum possunt. || Potentatum obtineo, Principatum teneo, Dominor. ... Ion. 1019: Δύναιο ἀνδρῶν τινα: G. D. Justin. in lege. Amphict. Boeckh. Inscr. gr. vol. 1, p. 805. Δυναστεία, ἡ, Potentatus, Potentia, Imperium, Dominatio. [Soph. Oed. T. 593] Thuc. 3, 62: Δυναστεία ὀλίγων ἀνδρῶν ... Xen. Hell. Isocr. Δυναστεύω, Potentatum obtineo, Imperium habeo, Dominor, Regno. Herodot. Thuc. Demosth. Plato Rep. Isocr. Polyb. Plut. Diod. Sic. etc. Δυναστεύομαι pass. Dicitur et de iis qui in civitate plurimum possunt. || Potentatum obtineo, Principatum teneo, Dominor. ... Ion. 1019: Δύναιο ἀνδρῶν τινα: G. D. Justin. in lege. Amphict. Boeckh. Inscr. gr. vol. 1, p. 805. Δυναστεία, ἡ, Potentatus, Potentia, Imperium, Dominatio. [Soph. Oed. T. 593] Thuc. 3, 62: Δυναστεία ὀλίγων ἀνδρῶν ... Xen. Hell. Isocr. Δυναστεύω, Potentatum obtineo, Imperium habeo, Dominor, Regno. Herodot. Thuc. Demosth. Plato Rep. Isocr. Polyb. Plut. Diod. Sic. etc. Δυναστεύομαι pass. Dicitur et de iis qui in civitate plurimum possunt. || Potentatum obtineo, Principatum teneo, Dominor. ... Ion. 1019: Δύναιο ἀνδρῶν τινα: G. D. Justin. in lege. Amphict. Boeckh. Inscr. gr. vol. 1, p. 805. Δυναστεία, ἡ, Potentatus, Potentia, Imperium, Dominatio. [Soph. Oed. T. 593] Thuc. 3, 62: Δυναστεία ὀλίγων ἀνδρῶν ... Xen. Hell. Isocr. Δυναστεύω, Potentatum obtineo, Imperium habeo, Dominor, Regno. Herodot. Thuc. Demosth. Plato Rep. Isocr. Polyb. Plut. Diod. Sic. etc. Δυναστεύομαι pass. Dicitur et de iis qui in civitate plurimum possunt. || Potentatum obtineo, Principatum teneo, Dominor. ... Ion. 1019: Δύναιο ἀνδρῶν τινα: G. D. Justin. in lege. Amphict. Boeckh. Inscr. gr. vol. 1, p. 805. Δυναστεία, ἡ, Potentatus, Potentia, Imperium, Dominatio. [Soph. Oed. T. 593] Thuc. 3, 62: Δυναστεία ὀλίγων ἀνδρῶν ... Xen. Hell. Isocr. Δυναστεύω, Potentatum obtineo, Imperium habeo, Dominor, Regno. Herodot. Thuc. Demosth. Plato Rep. Isocr. Polyb. Plut. Diod. Sic. etc. Δυναστεύομαι pass. Dicitur et de iis qui in civitate plurimum possunt. || Potentatum obtineo, Principatum teneo, Dominor. ... Ion. 1019: Δύναιο ἀνδρῶν τινα: G. D. Justin. in lege. Amphict. Boeckh. Inscr. gr. vol. 1, p. 805. Δυναστεία, ἡ, Potentatus, Potentia, Imperium, Dominatio. [Soph. Oed. T. 593] Thuc. 3, 62: Δυναστεία ὀλίγων ἀνδρῶν ... Xen. Hell. Isocr. Δυναστεύω, Potentatum obtineo, Imperium habeo, Dominor, Regno. Herodot. Thuc. Demosth. Plato Rep. Isocr. Polyb. Plut. Diod. Sic. etc. Δυναστεύομαι pass. Dicitur et de iis qui in civitate plurimum possunt. || Potentatum obtineo, Principatum teneo, Dominor. ... Ion. 1019: Δύναιο ἀνδρῶν τινα: G. D. Justin. in lege. Amphict. Boeckh. Inscr. gr. vol. 1, p. 805. Δυναστεία, ἡ, Potentatus, Potentia, Imperium, Dominatio. [Soph. Oed. T. 593] Thuc. 3, 62: Δυναστεία ὀλίγων ἀνδρῶν ... Xen. Hell. Isocr. Δυναστεύω, Potentatum obtineo, Imperium habeo, Dominor, Regno. Herodot. Thuc. Demosth. Plato Rep. Isocr. Polyb. Plut. Diod. Sic. etc. Δυναστεύομαι pass. Dicitur et de iis qui in civitate plurimum possunt. || Potentatum obtineo, Principatum teneo, Dominor. ... Ion. 1019: Δύναιο ἀνδρῶν τινα: G. D. Justin. in lege. Amphict. Boeckh. Inscr. gr. vol. 1, p. 805. Δυναστεία, ἡ, Potentatus, Potentia, Imperium, Dominatio. [Soph. Oed. T. 593] Thuc. 3, 62: Δυναστεία ὀλίγων ἀνδρῶν ... Xen. Hell. Isocr. Δυναστεύω, Potentatum obtineo, Imperium habeo, Dominor, Regno. Herodot. Thuc. Demosth. Plato Rep. Isocr. Polyb. Plut. Diod. Sic. etc. Δυναστεύομαι pass. Dicitur et de iis qui in civitate plurimum possunt. || Potentatum obtineo, Principatum teneo, Dominor. ...
